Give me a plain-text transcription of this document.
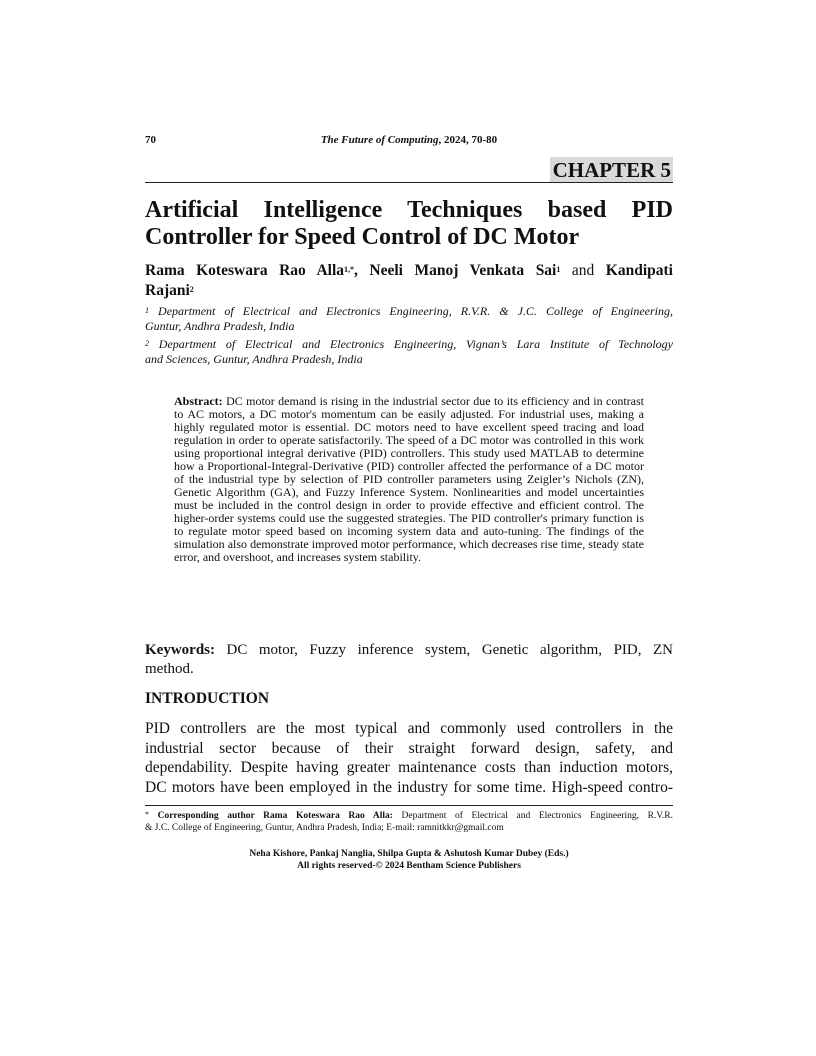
70	The Future of Computing, 2024, 70-80
CHAPTER 5
Artificial Intelligence Techniques based PID
Controller for Speed Control of DC Motor
Rama Koteswara Rao Alla$^{1,*}$, Neeli Manoj Venkata Sai$^1$ and Kandipati
Rajani$^2$
$^1$ Department of Electrical and Electronics Engineering, R.V.R. & J.C. College of Engineering,
Guntur, Andhra Pradesh, India
$^2$ Department of Electrical and Electronics Engineering, Vignan’s Lara Institute of Technology
and Sciences, Guntur, Andhra Pradesh, India
Abstract: DC motor demand is rising in the industrial sector due to its efficiency and in contrast to AC motors, a DC motor's momentum can be easily adjusted. For industrial uses, making a highly regulated motor is essential. DC motors need to have excellent speed tracing and load regulation in order to operate satisfactorily. The speed of a DC motor was controlled in this work using proportional integral derivative (PID) controllers. This study used MATLAB to determine how a Proportional-Integral-Derivative (PID) controller affected the performance of a DC motor of the industrial type by selection of PID controller parameters using Zeigler’s Nichols (ZN), Genetic Algorithm (GA), and Fuzzy Inference System. Nonlinearities and model uncertainties must be included in the control design in order to provide effective and efficient control. The higher-order systems could use the suggested strategies. The PID controller's primary function is to regulate motor speed based on incoming system data and auto-tuning. The findings of the simulation also demonstrate improved motor performance, which decreases rise time, steady state error, and overshoot, and increases system stability.
Keywords: DC motor, Fuzzy inference system, Genetic algorithm, PID, ZN
method.
INTRODUCTION
PID controllers are the most typical and commonly used controllers in the
industrial sector because of their straight forward design, safety, and
dependability. Despite having greater maintenance costs than induction motors,
DC motors have been employed in the industry for some time. High-speed contro-
* Corresponding author Rama Koteswara Rao Alla: Department of Electrical and Electronics Engineering, R.V.R.
& J.C. College of Engineering, Guntur, Andhra Pradesh, India; E-mail: ramnitkkr@gmail.com
Neha Kishore, Pankaj Nanglia, Shilpa Gupta & Ashutosh Kumar Dubey (Eds.)
All rights reserved-© 2024 Bentham Science Publishers
